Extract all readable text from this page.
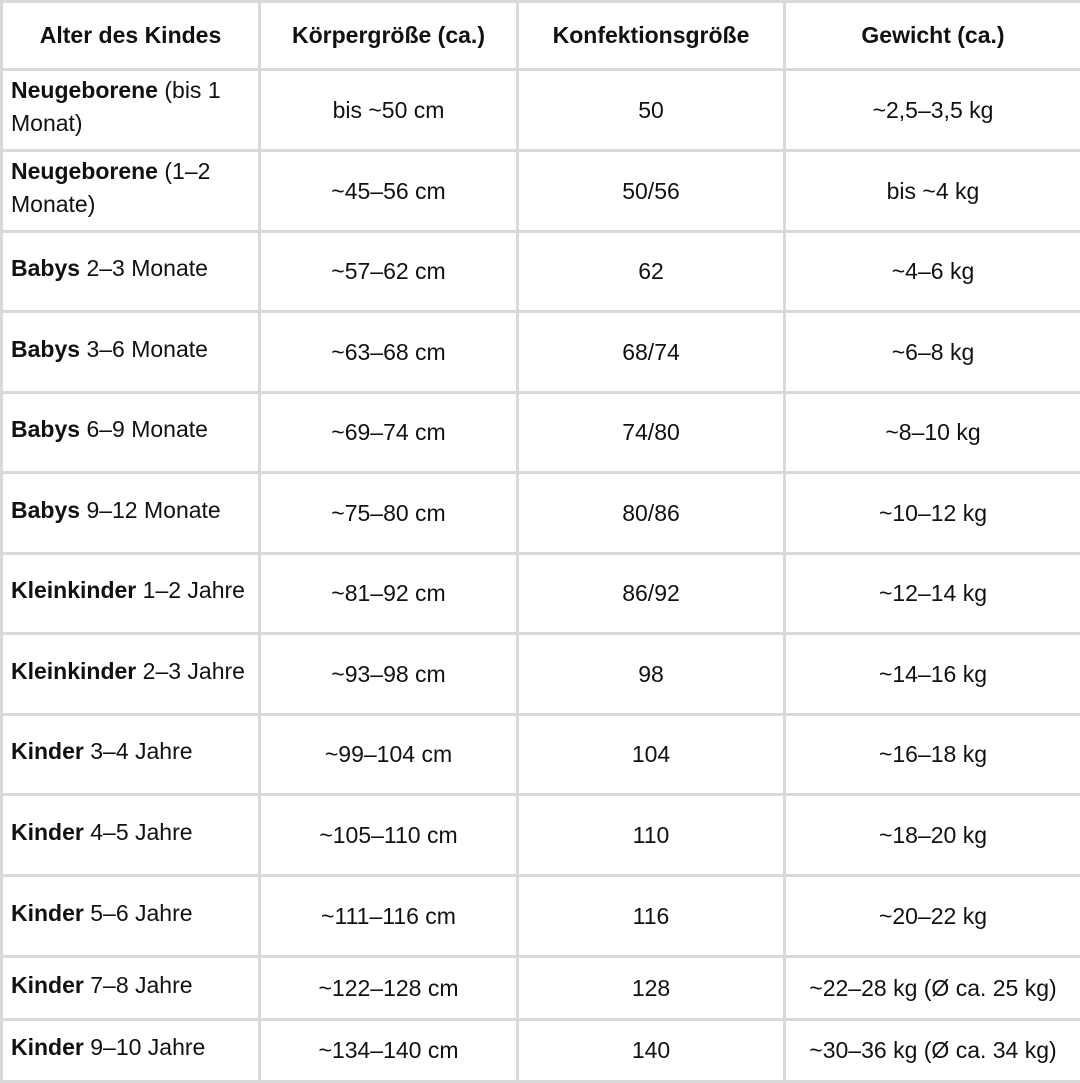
Alter des Kindes	Körpergröße (ca.)	Konfektionsgröße	Gewicht (ca.)
Neugeborene (bis 1 Monat)	bis ~50 cm	50	~2,5–3,5 kg
Neugeborene (1–2 Monate)	~45–56 cm	50/56	bis ~4 kg
Babys 2–3 Monate	~57–62 cm	62	~4–6 kg
Babys 3–6 Monate	~63–68 cm	68/74	~6–8 kg
Babys 6–9 Monate	~69–74 cm	74/80	~8–10 kg
Babys 9–12 Monate	~75–80 cm	80/86	~10–12 kg
Kleinkinder 1–2 Jahre	~81–92 cm	86/92	~12–14 kg
Kleinkinder 2–3 Jahre	~93–98 cm	98	~14–16 kg
Kinder 3–4 Jahre	~99–104 cm	104	~16–18 kg
Kinder 4–5 Jahre	~105–110 cm	110	~18–20 kg
Kinder 5–6 Jahre	~111–116 cm	116	~20–22 kg
Kinder 7–8 Jahre	~122–128 cm	128	~22–28 kg (Ø ca. 25 kg)
Kinder 9–10 Jahre	~134–140 cm	140	~30–36 kg (Ø ca. 34 kg)
